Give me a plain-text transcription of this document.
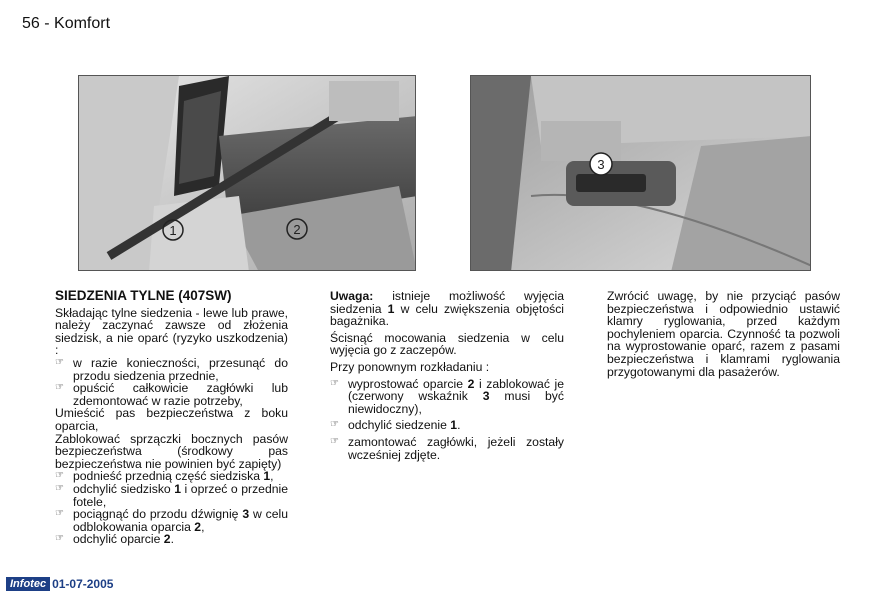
56 - Komfort
1	2
3
SIEDZENIA TYLNE (407SW)
Składając tylne siedzenia - lewe lub prawe, należy zaczynać zawsze od złożenia siedzisk, a nie oparć (ryzyko uszkodzenia) :
☞ w razie konieczności, przesunąć do przodu siedzenia przednie,
☞ opuścić całkowicie zagłówki lub zdemontować w razie potrzeby,
Umieścić pas bezpieczeństwa z boku oparcia,
Zablokować sprzączki bocznych pasów bezpieczeństwa (środkowy pas bezpieczeństwa nie powinien być zapięty)
☞ podnieść przednią część siedziska 1,
☞ odchylić siedzisko 1 i oprzeć o przednie fotele,
☞ pociągnąć do przodu dźwignię 3 w celu odblokowania oparcia 2,
☞ odchylić oparcie 2.
Uwaga: istnieje możliwość wyjęcia siedzenia 1 w celu zwiększenia objętości bagażnika.
Ścisnąć mocowania siedzenia w celu wyjęcia go z zaczepów.
Przy ponownym rozkładaniu :
☞ wyprostować oparcie 2 i zablokować je (czerwony wskaźnik 3 musi być niewidoczny),
☞ odchylić siedzenie 1.
☞ zamontować zagłówki, jeżeli zostały wcześniej zdjęte.
Zwrócić uwagę, by nie przyciąć pasów bezpieczeństwa i odpowiednio ustawić klamry ryglowania, przed każdym pochyleniem oparcia. Czynność ta pozwoli na wyprostowanie oparć, razem z pasami bezpieczeństwa i klamrami ryglowania przygotowanymi dla pasażerów.
Infotec 01-07-2005
